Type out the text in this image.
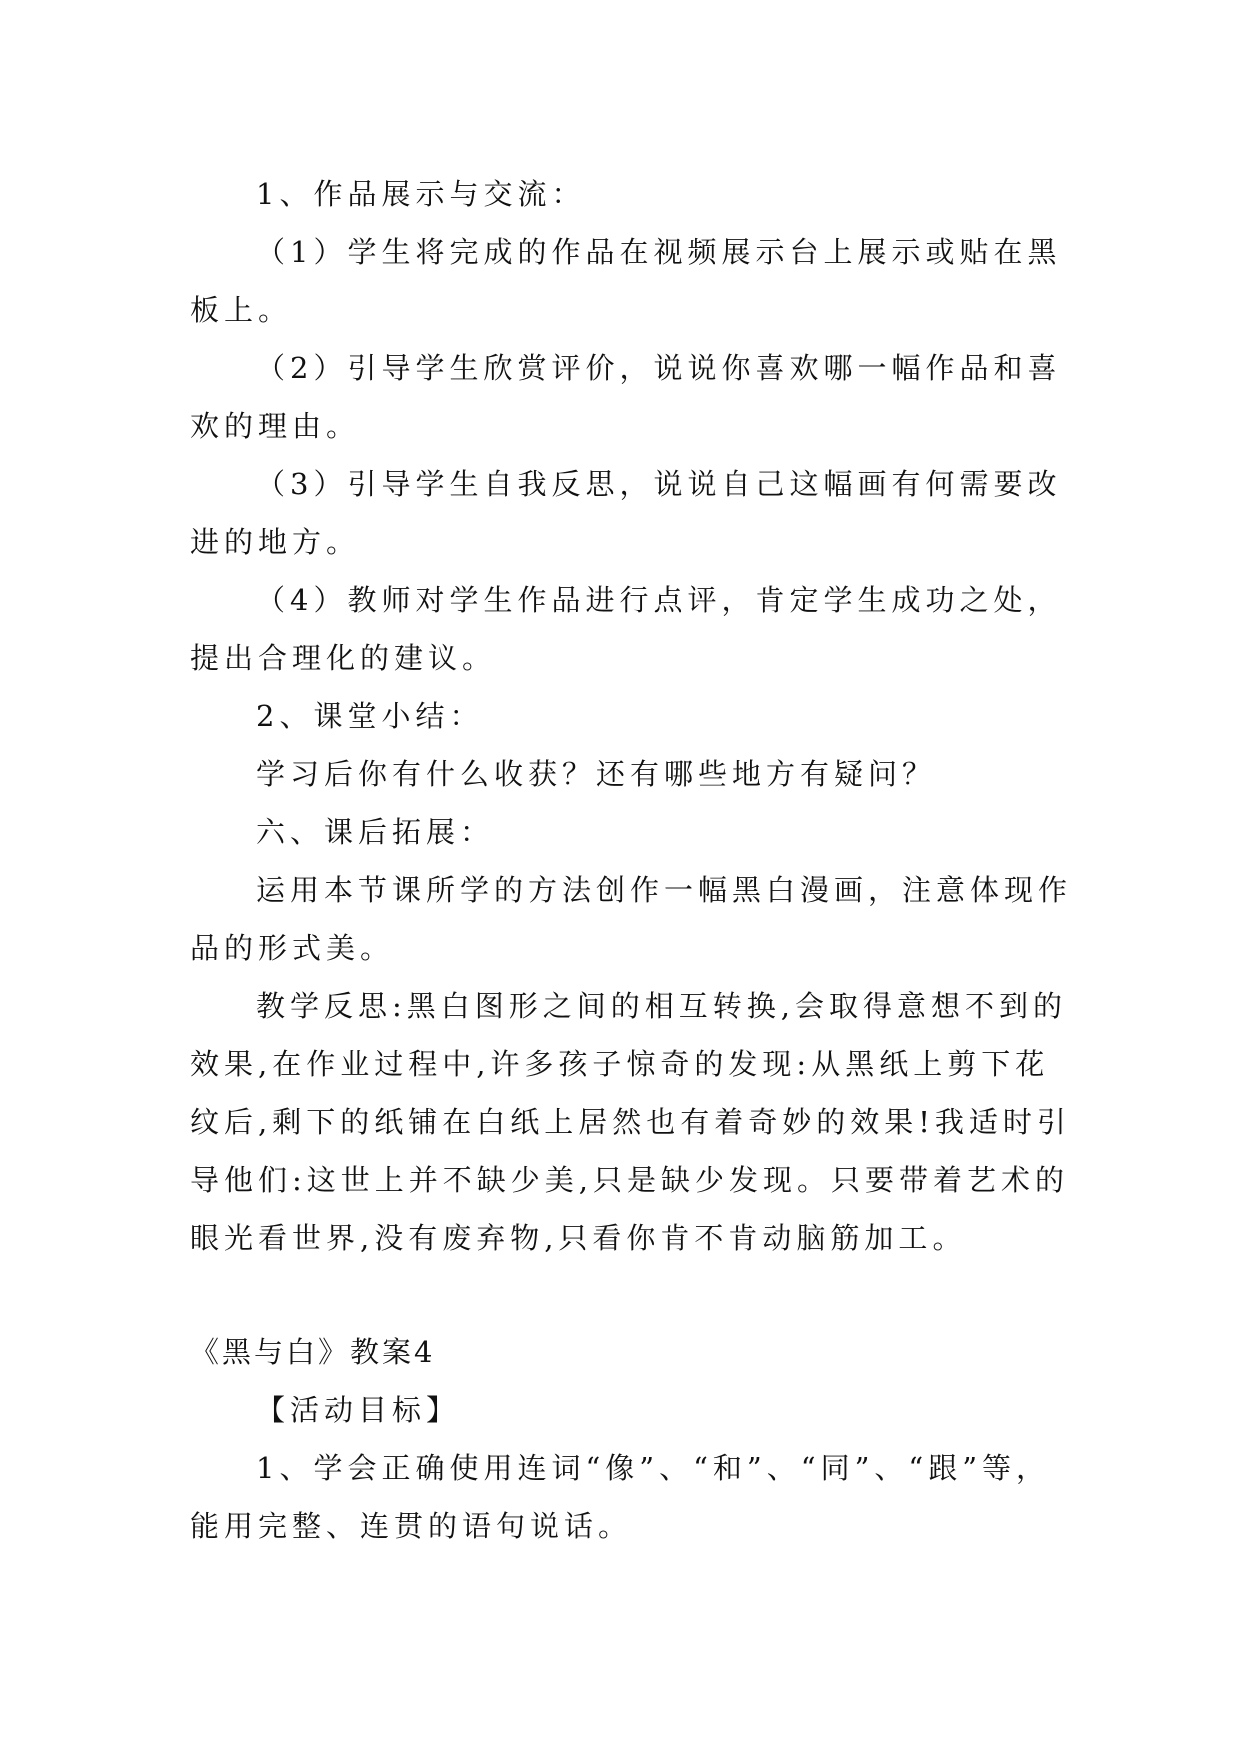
1、作品展示与交流：
（1）学生将完成的作品在视频展示台上展示或贴在黑
板上。
（2）引导学生欣赏评价，说说你喜欢哪一幅作品和喜
欢的理由。
（3）引导学生自我反思，说说自己这幅画有何需要改
进的地方。
（4）教师对学生作品进行点评，肯定学生成功之处，
提出合理化的建议。
2、课堂小结：
学习后你有什么收获？还有哪些地方有疑问？
六、课后拓展：
运用本节课所学的方法创作一幅黑白漫画，注意体现作
品的形式美。
教学反思:黑白图形之间的相互转换,会取得意想不到的
效果,在作业过程中,许多孩子惊奇的发现:从黑纸上剪下花
纹后,剩下的纸铺在白纸上居然也有着奇妙的效果!我适时引
导他们:这世上并不缺少美,只是缺少发现。只要带着艺术的
眼光看世界,没有废弃物,只看你肯不肯动脑筋加工。
《黑与白》教案4
【活动目标】
1、学会正确使用连词“像”、“和”、“同”、“跟”等，
能用完整、连贯的语句说话。
